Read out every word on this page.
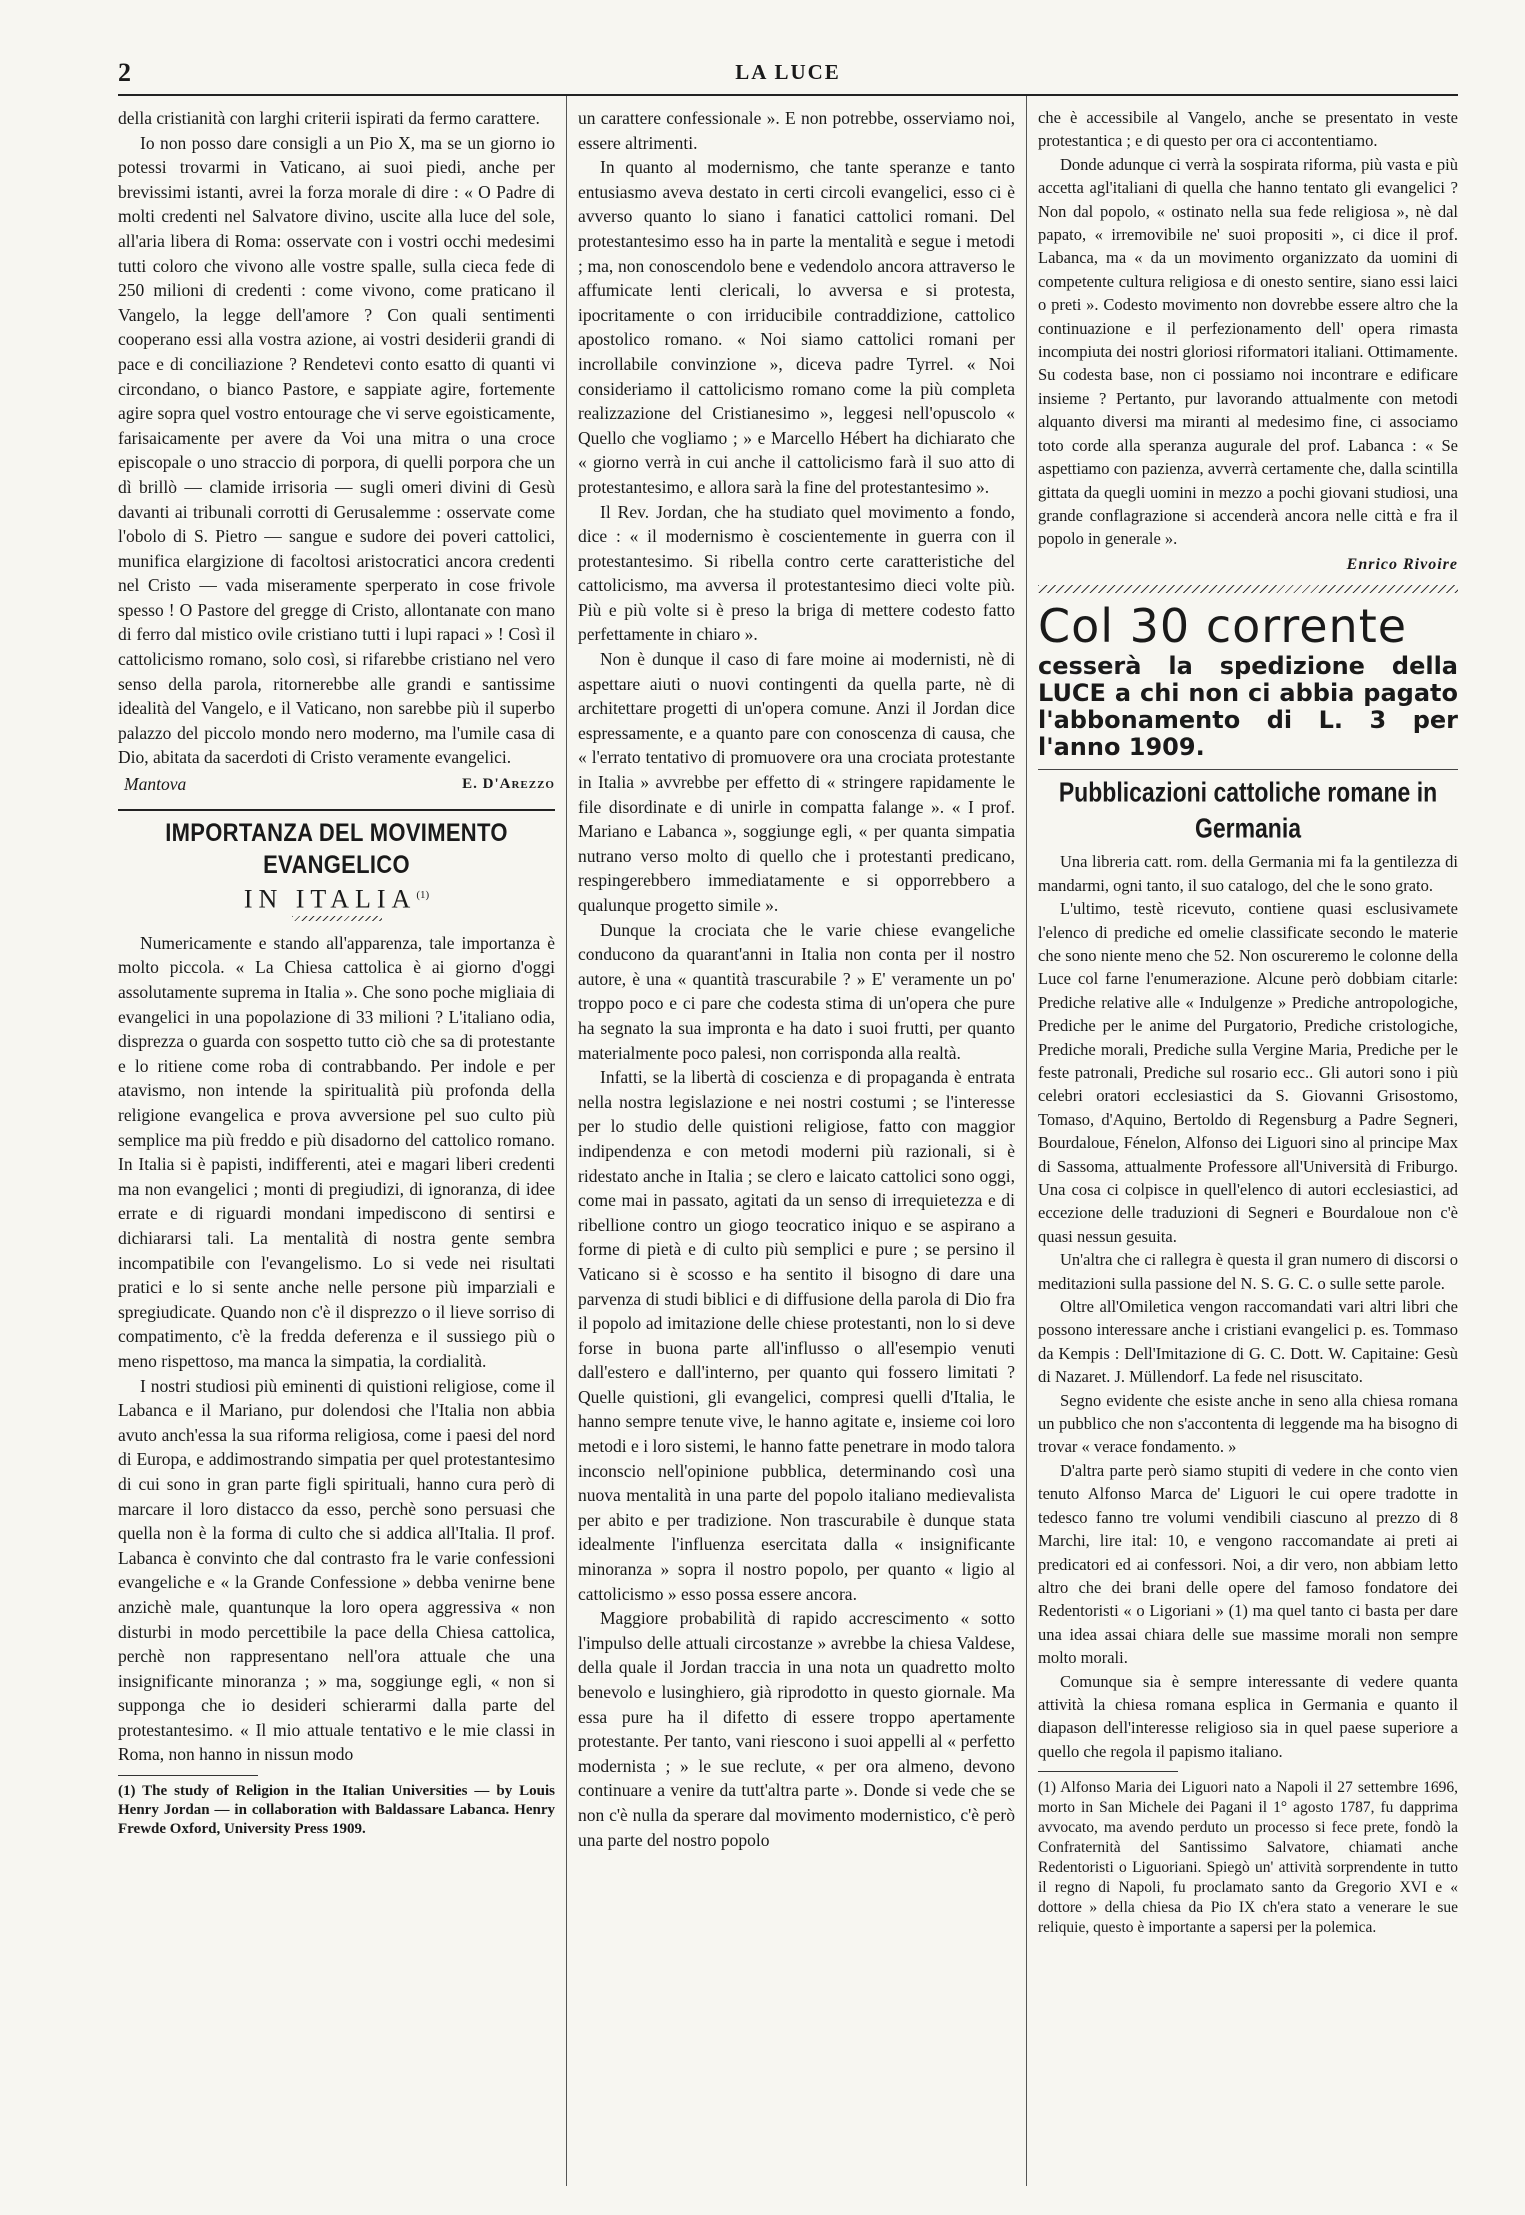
2	LA LUCE

della cristianità con larghi criterii ispirati da fermo carattere.

Io non posso dare consigli a un Pio X, ma se un giorno io potessi trovarmi in Vaticano, ai suoi piedi, anche per brevissimi istanti, avrei la forza morale di dire : « O Padre di molti credenti nel Salvatore divino, uscite alla luce del sole, all'aria libera di Roma: osservate con i vostri occhi medesimi tutti coloro che vivono alle vostre spalle, sulla cieca fede di 250 milioni di credenti : come vivono, come praticano il Vangelo, la legge dell'amore ? Con quali sentimenti cooperano essi alla vostra azione, ai vostri desiderii grandi di pace e di conciliazione ? Rendetevi conto esatto di quanti vi circondano, o bianco Pastore, e sappiate agire, fortemente agire sopra quel vostro entourage che vi serve egoisticamente, farisaicamente per avere da Voi una mitra o una croce episcopale o uno straccio di porpora, di quelli porpora che un dì brillò — clamide irrisoria — sugli omeri divini di Gesù davanti ai tribunali corrotti di Gerusalemme : osservate come l'obolo di S. Pietro — sangue e sudore dei poveri cattolici, munifica elargizione di facoltosi aristocratici ancora credenti nel Cristo — vada miseramente sperperato in cose frivole spesso ! O Pastore del gregge di Cristo, allontanate con mano di ferro dal mistico ovile cristiano tutti i lupi rapaci » ! Così il cattolicismo romano, solo così, si rifarebbe cristiano nel vero senso della parola, ritornerebbe alle grandi e santissime idealità del Vangelo, e il Vaticano, non sarebbe più il superbo palazzo del piccolo mondo nero moderno, ma l'umile casa di Dio, abitata da sacerdoti di Cristo veramente evangelici.

Mantova	E. D'Arezzo
IMPORTANZA DEL MOVIMENTO EVANGELICO
IN ITALIA$^{(1)}$

Numericamente e stando all'apparenza, tale importanza è molto piccola. « La Chiesa cattolica è ai giorno d'oggi assolutamente suprema in Italia ». Che sono poche migliaia di evangelici in una popolazione di 33 milioni ? L'italiano odia, disprezza o guarda con sospetto tutto ciò che sa di protestante e lo ritiene come roba di contrabbando. Per indole e per atavismo, non intende la spiritualità più profonda della religione evangelica e prova avversione pel suo culto più semplice ma più freddo e più disadorno del cattolico romano. In Italia si è papisti, indifferenti, atei e magari liberi credenti ma non evangelici ; monti di pregiudizi, di ignoranza, di idee errate e di riguardi mondani impediscono di sentirsi e dichiararsi tali. La mentalità di nostra gente sembra incompatibile con l'evangelismo. Lo si vede nei risultati pratici e lo si sente anche nelle persone più imparziali e spregiudicate. Quando non c'è il disprezzo o il lieve sorriso di compatimento, c'è la fredda deferenza e il sussiego più o meno rispettoso, ma manca la simpatia, la cordialità.

I nostri studiosi più eminenti di quistioni religiose, come il Labanca e il Mariano, pur dolendosi che l'Italia non abbia avuto anch'essa la sua riforma religiosa, come i paesi del nord di Europa, e addimostrando simpatia per quel protestantesimo di cui sono in gran parte figli spirituali, hanno cura però di marcare il loro distacco da esso, perchè sono persuasi che quella non è la forma di culto che si addica all'Italia. Il prof. Labanca è convinto che dal contrasto fra le varie confessioni evangeliche e « la Grande Confessione » debba venirne bene anzichè male, quantunque la loro opera aggressiva « non disturbi in modo percettibile la pace della Chiesa cattolica, perchè non rappresentano nell'ora attuale che una insignificante minoranza ; » ma, soggiunge egli, « non si supponga che io desideri schierarmi dalla parte del protestantesimo. « Il mio attuale tentativo e le mie classi in Roma, non hanno in nissun modo

(1) The study of Religion in the Italian Universities — by Louis Henry Jordan — in collaboration with Baldassare Labanca. Henry Frewde Oxford, University Press 1909.

un carattere confessionale ». E non potrebbe, osserviamo noi, essere altrimenti.

In quanto al modernismo, che tante speranze e tanto entusiasmo aveva destato in certi circoli evangelici, esso ci è avverso quanto lo siano i fanatici cattolici romani. Del protestantesimo esso ha in parte la mentalità e segue i metodi ; ma, non conoscendolo bene e vedendolo ancora attraverso le affumicate lenti clericali, lo avversa e si protesta, ipocritamente o con irriducibile contraddizione, cattolico apostolico romano. « Noi siamo cattolici romani per incrollabile convinzione », diceva padre Tyrrel. « Noi consideriamo il cattolicismo romano come la più completa realizzazione del Cristianesimo », leggesi nell'opuscolo « Quello che vogliamo ; » e Marcello Hébert ha dichiarato che « giorno verrà in cui anche il cattolicismo farà il suo atto di protestantesimo, e allora sarà la fine del protestantesimo ».

Il Rev. Jordan, che ha studiato quel movimento a fondo, dice : « il modernismo è coscientemente in guerra con il protestantesimo. Si ribella contro certe caratteristiche del cattolicismo, ma avversa il protestantesimo dieci volte più. Più e più volte si è preso la briga di mettere codesto fatto perfettamente in chiaro ».

Non è dunque il caso di fare moine ai modernisti, nè di aspettare aiuti o nuovi contingenti da quella parte, nè di architettare progetti di un'opera comune. Anzi il Jordan dice espressamente, e a quanto pare con conoscenza di causa, che « l'errato tentativo di promuovere ora una crociata protestante in Italia » avvrebbe per effetto di « stringere rapidamente le file disordinate e di unirle in compatta falange ». « I prof. Mariano e Labanca », soggiunge egli, « per quanta simpatia nutrano verso molto di quello che i protestanti predicano, respingerebbero immediatamente e si opporrebbero a qualunque progetto simile ».

Dunque la crociata che le varie chiese evangeliche conducono da quarant'anni in Italia non conta per il nostro autore, è una « quantità trascurabile ? » E' veramente un po' troppo poco e ci pare che codesta stima di un'opera che pure ha segnato la sua impronta e ha dato i suoi frutti, per quanto materialmente poco palesi, non corrisponda alla realtà.

Infatti, se la libertà di coscienza e di propaganda è entrata nella nostra legislazione e nei nostri costumi ; se l'interesse per lo studio delle quistioni religiose, fatto con maggior indipendenza e con metodi moderni più razionali, si è ridestato anche in Italia ; se clero e laicato cattolici sono oggi, come mai in passato, agitati da un senso di irrequietezza e di ribellione contro un giogo teocratico iniquo e se aspirano a forme di pietà e di culto più semplici e pure ; se persino il Vaticano si è scosso e ha sentito il bisogno di dare una parvenza di studi biblici e di diffusione della parola di Dio fra il popolo ad imitazione delle chiese protestanti, non lo si deve forse in buona parte all'influsso o all'esempio venuti dall'estero e dall'interno, per quanto qui fossero limitati ? Quelle quistioni, gli evangelici, compresi quelli d'Italia, le hanno sempre tenute vive, le hanno agitate e, insieme coi loro metodi e i loro sistemi, le hanno fatte penetrare in modo talora inconscio nell'opinione pubblica, determinando così una nuova mentalità in una parte del popolo italiano medievalista per abito e per tradizione. Non trascurabile è dunque stata idealmente l'influenza esercitata dalla « insignificante minoranza » sopra il nostro popolo, per quanto « ligio al cattolicismo » esso possa essere ancora.

Maggiore probabilità di rapido accrescimento « sotto l'impulso delle attuali circostanze » avrebbe la chiesa Valdese, della quale il Jordan traccia in una nota un quadretto molto benevolo e lusinghiero, già riprodotto in questo giornale. Ma essa pure ha il difetto di essere troppo apertamente protestante. Per tanto, vani riescono i suoi appelli al « perfetto modernista ; » le sue reclute, « per ora almeno, devono continuare a venire da tutt'altra parte ». Donde si vede che se non c'è nulla da sperare dal movimento modernistico, c'è però una parte del nostro popolo

che è accessibile al Vangelo, anche se presentato in veste protestantica ; e di questo per ora ci accontentiamo.

Donde adunque ci verrà la sospirata riforma, più vasta e più accetta agl'italiani di quella che hanno tentato gli evangelici ? Non dal popolo, « ostinato nella sua fede religiosa », nè dal papato, « irremovibile ne' suoi propositi », ci dice il prof. Labanca, ma « da un movimento organizzato da uomini di competente cultura religiosa e di onesto sentire, siano essi laici o preti ». Codesto movimento non dovrebbe essere altro che la continuazione e il perfezionamento dell' opera rimasta incompiuta dei nostri gloriosi riformatori italiani. Ottimamente. Su codesta base, non ci possiamo noi incontrare e edificare insieme ? Pertanto, pur lavorando attualmente con metodi alquanto diversi ma miranti al medesimo fine, ci associamo toto corde alla speranza augurale del prof. Labanca : « Se aspettiamo con pazienza, avverrà certamente che, dalla scintilla gittata da quegli uomini in mezzo a pochi giovani studiosi, una grande conflagrazione si accenderà ancora nelle città e fra il popolo in generale ».

Enrico Rivoire
Col 30 corrente
cesserà la spedizione della LUCE a chi non ci abbia pagato l'abbonamento di L. 3 per l'anno 1909.
Pubblicazioni cattoliche romane in Germania

Una libreria catt. rom. della Germania mi fa la gentilezza di mandarmi, ogni tanto, il suo catalogo, del che le sono grato.

L'ultimo, testè ricevuto, contiene quasi esclusivamete l'elenco di prediche ed omelie classificate secondo le materie che sono niente meno che 52. Non oscureremo le colonne della Luce col farne l'enumerazione. Alcune però dobbiam citarle: Prediche relative alle « Indulgenze » Prediche antropologiche, Prediche per le anime del Purgatorio, Prediche cristologiche, Prediche morali, Prediche sulla Vergine Maria, Prediche per le feste patronali, Prediche sul rosario ecc.. Gli autori sono i più celebri oratori ecclesiastici da S. Giovanni Grisostomo, Tomaso, d'Aquino, Bertoldo di Regensburg a Padre Segneri, Bourdaloue, Fénelon, Alfonso dei Liguori sino al principe Max di Sassoma, attualmente Professore all'Università di Friburgo. Una cosa ci colpisce in quell'elenco di autori ecclesiastici, ad eccezione delle traduzioni di Segneri e Bourdaloue non c'è quasi nessun gesuita.

Un'altra che ci rallegra è questa il gran numero di discorsi o meditazioni sulla passione del N. S. G. C. o sulle sette parole.

Oltre all'Omiletica vengon raccomandati vari altri libri che possono interessare anche i cristiani evangelici p. es. Tommaso da Kempis : Dell'Imitazione di G. C. Dott. W. Capitaine: Gesù di Nazaret. J. Müllendorf. La fede nel risuscitato.

Segno evidente che esiste anche in seno alla chiesa romana un pubblico che non s'accontenta di leggende ma ha bisogno di trovar « verace fondamento. »

D'altra parte però siamo stupiti di vedere in che conto vien tenuto Alfonso Marca de' Liguori le cui opere tradotte in tedesco fanno tre volumi vendibili ciascuno al prezzo di 8 Marchi, lire ital: 10, e vengono raccomandate ai preti ai predicatori ed ai confessori. Noi, a dir vero, non abbiam letto altro che dei brani delle opere del famoso fondatore dei Redentoristi « o Ligoriani » (1) ma quel tanto ci basta per dare una idea assai chiara delle sue massime morali non sempre molto morali.

Comunque sia è sempre interessante di vedere quanta attività la chiesa romana esplica in Germania e quanto il diapason dell'interesse religioso sia in quel paese superiore a quello che regola il papismo italiano.

(1) Alfonso Maria dei Liguori nato a Napoli il 27 settembre 1696, morto in San Michele dei Pagani il 1° agosto 1787, fu dapprima avvocato, ma avendo perduto un processo si fece prete, fondò la Confraternità del Santissimo Salvatore, chiamati anche Redentoristi o Liguoriani. Spiegò un' attività sorprendente in tutto il regno di Napoli, fu proclamato santo da Gregorio XVI e « dottore » della chiesa da Pio IX ch'era stato a venerare le sue reliquie, questo è importante a sapersi per la polemica.
